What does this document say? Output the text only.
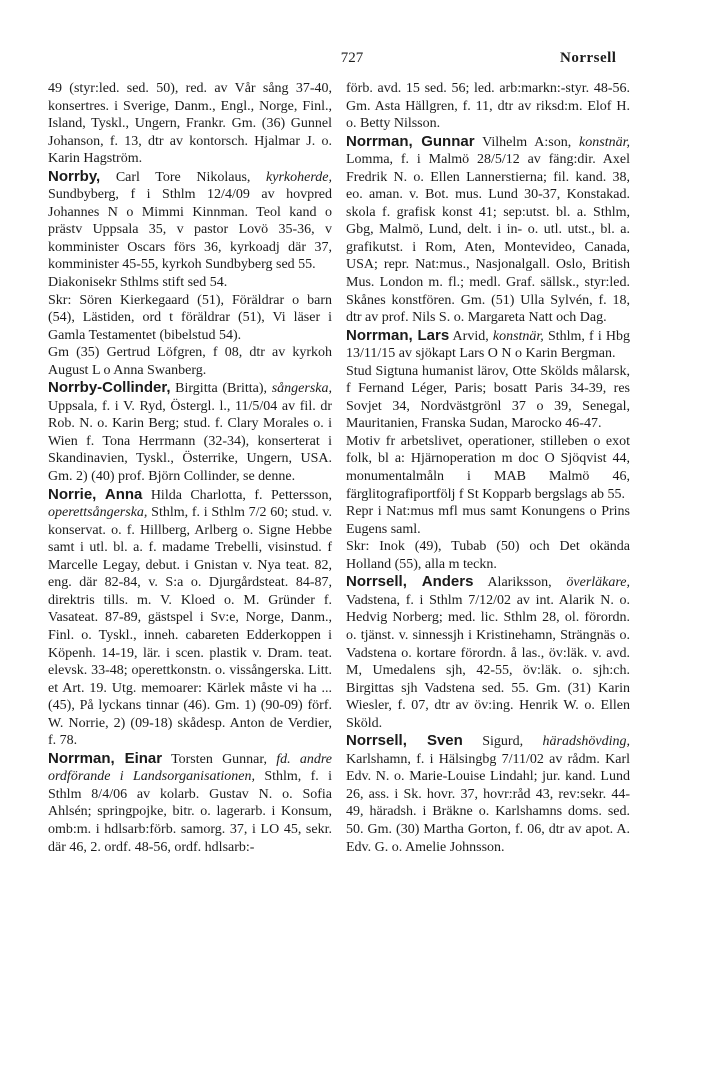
727	Norrsell

49 (styr:led. sed. 50), red. av Vår sång 37-40, konsertres. i Sverige, Danm., Engl., Norge, Finl., Island, Tyskl., Ungern, Frankr. Gm. (36) Gunnel Johanson, f. 13, dtr av kontorsch. Hjalmar J. o. Karin Hagström.

Norrby, Carl Tore Nikolaus, kyrkoherde, Sundbyberg, f i Sthlm 12/4/09 av hovpred Johannes N o Mimmi Kinnman. Teol kand o prästv Uppsala 35, v pastor Lovö 35-36, v komminister Oscars förs 36, kyrkoadj där 37, komminister 45-55, kyrkoh Sundbyberg sed 55.

Diakonisekr Sthlms stift sed 54.

Skr: Sören Kierkegaard (51), Föräldrar o barn (54), Lästiden, ord t föräldrar (51), Vi läser i Gamla Testamentet (bibelstud 54).

Gm (35) Gertrud Löfgren, f 08, dtr av kyrkoh August L o Anna Swanberg.

Norrby-Collinder, Birgitta (Britta), sångerska, Uppsala, f. i V. Ryd, Östergl. l., 11/5/04 av fil. dr Rob. N. o. Karin Berg; stud. f. Clary Morales o. i Wien f. Tona Herrmann (32-34), konserterat i Skandinavien, Tyskl., Österrike, Ungern, USA. Gm. 2) (40) prof. Björn Collinder, se denne.

Norrie, Anna Hilda Charlotta, f. Pettersson, operettsångerska, Sthlm, f. i Sthlm 7/2 60; stud. v. konservat. o. f. Hillberg, Arlberg o. Signe Hebbe samt i utl. bl. a. f. madame Trebelli, visinstud. f Marcelle Legay, debut. i Gnistan v. Nya teat. 82, eng. där 82-84, v. S:a o. Djurgårdsteat. 84-87, direktris tills. m. V. Kloed o. M. Gründer f. Vasateat. 87-89, gästspel i Sv:e, Norge, Danm., Finl. o. Tyskl., inneh. cabareten Edderkoppen i Köpenh. 14-19, lär. i scen. plastik v. Dram. teat. elevsk. 33-48; operettkonstn. o. vissångerska. Litt. et Art. 19. Utg. memoarer: Kärlek måste vi ha ... (45), På lyckans tinnar (46). Gm. 1) (90-09) förf. W. Norrie, 2) (09-18) skådesp. Anton de Verdier, f. 78.

Norrman, Einar Torsten Gunnar, fd. andre ordförande i Landsorganisationen, Sthlm, f. i Sthlm 8/4/06 av kolarb. Gustav N. o. Sofia Ahlsén; springpojke, bitr. o. lagerarb. i Konsum, omb:m. i hdlsarb:förb. samorg. 37, i LO 45, sekr. där 46, 2. ordf. 48-56, ordf. hdlsarb:-

förb. avd. 15 sed. 56; led. arb:markn:-styr. 48-56. Gm. Asta Hällgren, f. 11, dtr av riksd:m. Elof H. o. Betty Nilsson.

Norrman, Gunnar Vilhelm A:son, konstnär, Lomma, f. i Malmö 28/5/12 av fäng:dir. Axel Fredrik N. o. Ellen Lannerstierna; fil. kand. 38, eo. aman. v. Bot. mus. Lund 30-37, Konstakad. skola f. grafisk konst 41; sep:utst. bl. a. Sthlm, Gbg, Malmö, Lund, delt. i in- o. utl. utst., bl. a. grafikutst. i Rom, Aten, Montevideo, Canada, USA; repr. Nat:mus., Nasjonalgall. Oslo, British Mus. London m. fl.; medl. Graf. sällsk., styr:led. Skånes konstfören. Gm. (51) Ulla Sylvén, f. 18, dtr av prof. Nils S. o. Margareta Natt och Dag.

Norrman, Lars Arvid, konstnär, Sthlm, f i Hbg 13/11/15 av sjökapt Lars O N o Karin Bergman.

Stud Sigtuna humanist lärov, Otte Skölds målarsk, f Fernand Léger, Paris; bosatt Paris 34-39, res Sovjet 34, Nordvästgrönl 37 o 39, Senegal, Mauritanien, Franska Sudan, Marocko 46-47.

Motiv fr arbetslivet, operationer, stilleben o exot folk, bl a: Hjärnoperation m doc O Sjöqvist 44, monumentalmåln i MAB Malmö 46, färglitografiportfölj f St Kopparb bergslags ab 55.

Repr i Nat:mus mfl mus samt Konungens o Prins Eugens saml.

Skr: Inok (49), Tubab (50) och Det okända Holland (55), alla m teckn.

Norrsell, Anders Alariksson, överläkare, Vadstena, f. i Sthlm 7/12/02 av int. Alarik N. o. Hedvig Norberg; med. lic. Sthlm 28, ol. förordn. o. tjänst. v. sinnessjh i Kristinehamn, Strängnäs o. Vadstena o. kortare förordn. å las., öv:läk. v. avd. M, Umedalens sjh, 42-55, öv:läk. o. sjh:ch. Birgittas sjh Vadstena sed. 55. Gm. (31) Karin Wiesler, f. 07, dtr av öv:ing. Henrik W. o. Ellen Sköld.

Norrsell, Sven Sigurd, häradshövding, Karlshamn, f. i Hälsingbg 7/11/02 av rådm. Karl Edv. N. o. Marie-Louise Lindahl; jur. kand. Lund 26, ass. i Sk. hovr. 37, hovr:råd 43, rev:sekr. 44-49, häradsh. i Bräkne o. Karlshamns doms. sed. 50. Gm. (30) Martha Gorton, f. 06, dtr av apot. A. Edv. G. o. Amelie Johnsson.
